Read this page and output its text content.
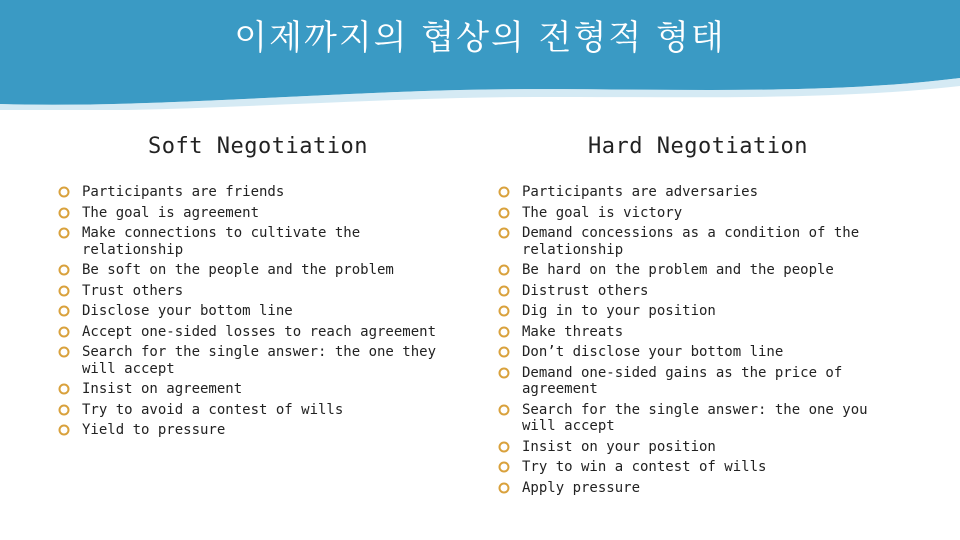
이제까지의 협상의 전형적 형태
Soft Negotiation
Participants are friends
The goal is agreement
Make connections to cultivate the relationship
Be soft on the people and the problem
Trust others
Disclose your bottom line
Accept one-sided losses to reach agreement
Search for the single answer: the one they will accept
Insist on agreement
Try to avoid a contest of wills
Yield to pressure
Hard Negotiation
Participants are adversaries
The goal is victory
Demand concessions as a condition of the relationship
Be hard on the problem and the people
Distrust others
Dig in to your position
Make threats
Don’t disclose your bottom line
Demand one-sided gains as the price of agreement
Search for the single answer: the one you will accept
Insist on your position
Try to win a contest of wills
Apply pressure
